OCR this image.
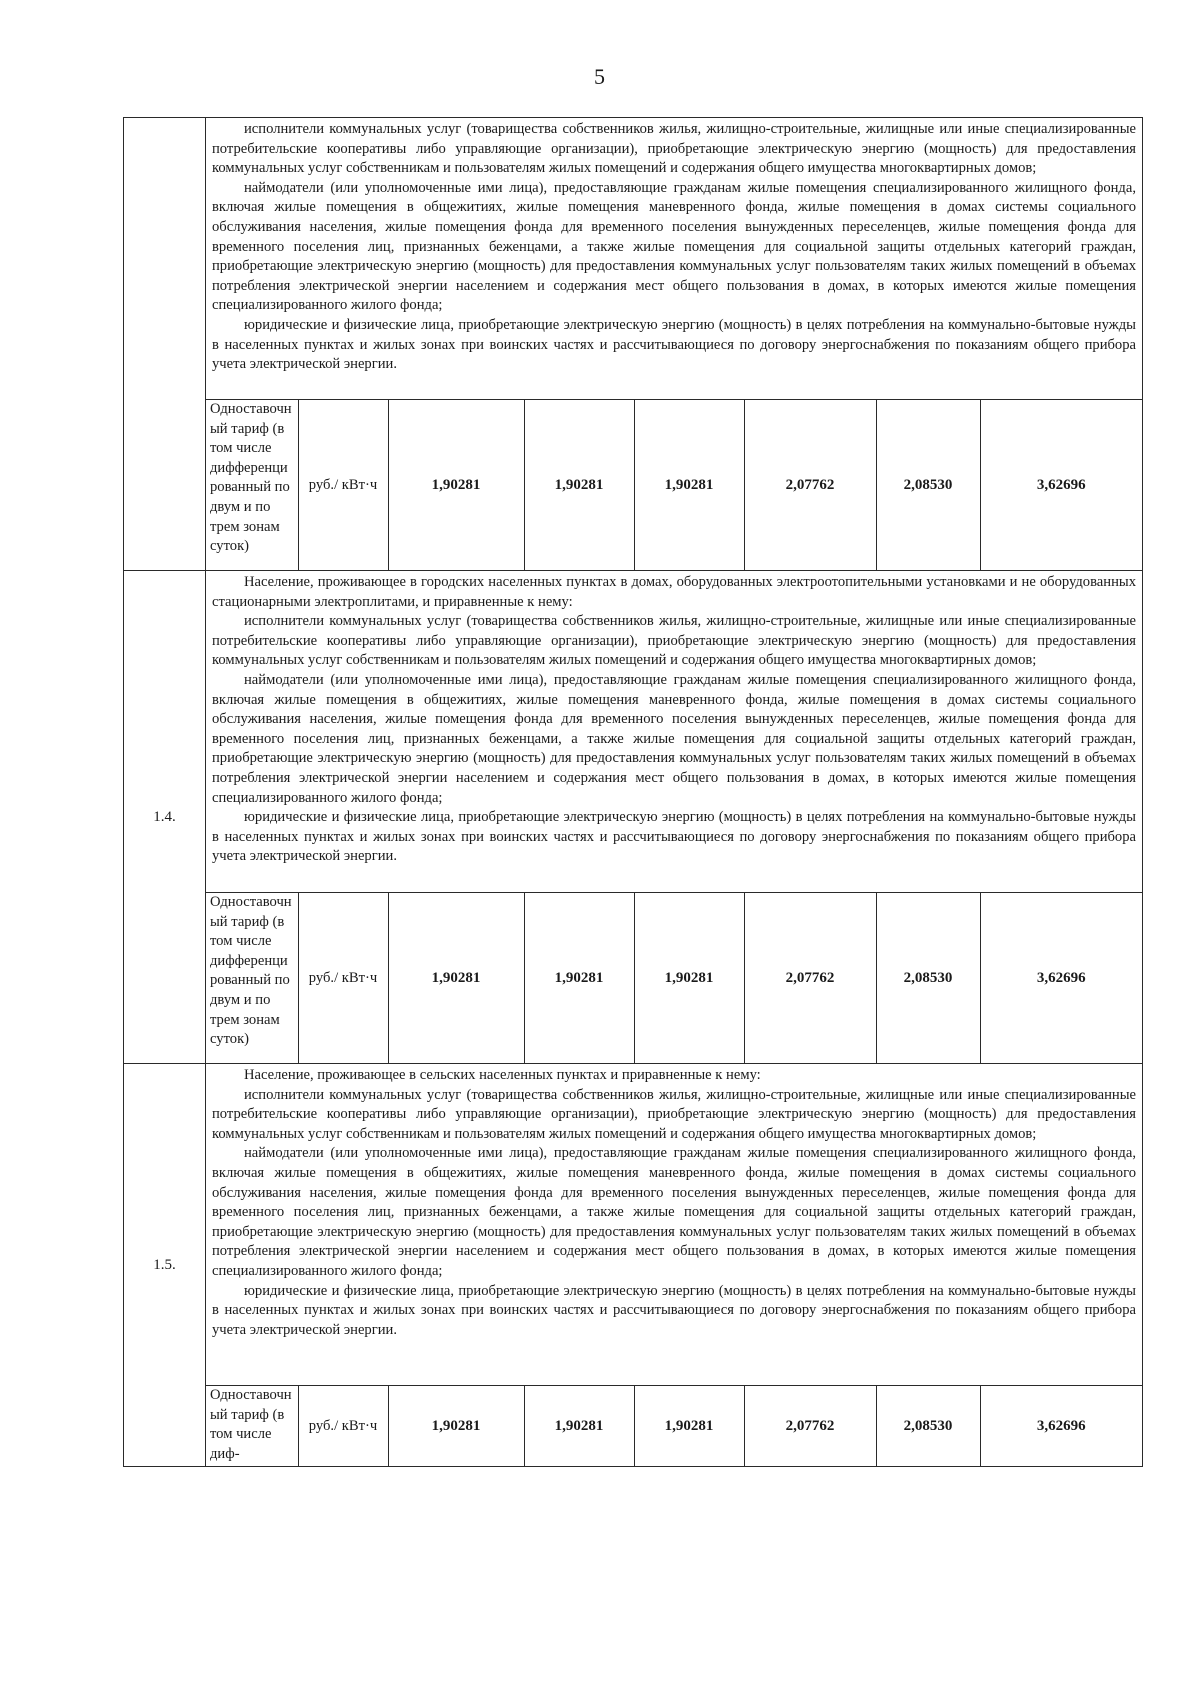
5

исполнители коммунальных услуг (товарищества собственников жилья, жилищно-строительные, жилищные или иные специализированные потребительские кооперативы либо управляющие организации), приобретающие электрическую энергию (мощность) для предоставления коммунальных услуг собственникам и пользователям жилых помещений и содержания общего имущества многоквартирных домов;

наймодатели (или уполномоченные ими лица), предоставляющие гражданам жилые помещения специализированного жилищного фонда, включая жилые помещения в общежитиях, жилые помещения маневренного фонда, жилые помещения в домах системы социального обслуживания населения, жилые помещения фонда для временного поселения вынужденных переселенцев, жилые помещения фонда для временного поселения лиц, признанных беженцами, а также жилые помещения для социальной защиты отдельных категорий граждан, приобретающие электрическую энергию (мощность) для предоставления коммунальных услуг пользователям таких жилых помещений в объемах потребления электрической энергии населением и содержания мест общего пользования в домах, в которых имеются жилые помещения специализированного жилого фонда;

юридические и физические лица, приобретающие электрическую энергию (мощность) в целях потребления на коммунально-бытовые нужды в населенных пунктах и жилых зонах при воинских частях и рассчитывающиеся по договору энергоснабжения по показаниям общего прибора учета электрической энергии.

Одноставочный тариф (в том числе дифференцированный по двум и по трем зонам суток)	руб./ кВт·ч	1,90281	1,90281	1,90281	2,07762	2,08530	3,62696

1.4.	

Население, проживающее в городских населенных пунктах в домах, оборудованных электроотопительными установками и не оборудованных стационарными электроплитами, и приравненные к нему:

исполнители коммунальных услуг (товарищества собственников жилья, жилищно-строительные, жилищные или иные специализированные потребительские кооперативы либо управляющие организации), приобретающие электрическую энергию (мощность) для предоставления коммунальных услуг собственникам и пользователям жилых помещений и содержания общего имущества многоквартирных домов;

наймодатели (или уполномоченные ими лица), предоставляющие гражданам жилые помещения специализированного жилищного фонда, включая жилые помещения в общежитиях, жилые помещения маневренного фонда, жилые помещения в домах системы социального обслуживания населения, жилые помещения фонда для временного поселения вынужденных переселенцев, жилые помещения фонда для временного поселения лиц, признанных беженцами, а также жилые помещения для социальной защиты отдельных категорий граждан, приобретающие электрическую энергию (мощность) для предоставления коммунальных услуг пользователям таких жилых помещений в объемах потребления электрической энергии населением и содержания мест общего пользования в домах, в которых имеются жилые помещения специализированного жилого фонда;

юридические и физические лица, приобретающие электрическую энергию (мощность) в целях потребления на коммунально-бытовые нужды в населенных пунктах и жилых зонах при воинских частях и рассчитывающиеся по договору энергоснабжения по показаниям общего прибора учета электрической энергии.

Одноставочный тариф (в том числе дифференцированный по двум и по трем зонам суток)	руб./ кВт·ч	1,90281	1,90281	1,90281	2,07762	2,08530	3,62696

1.5.	

Население, проживающее в сельских населенных пунктах и приравненные к нему:

исполнители коммунальных услуг (товарищества собственников жилья, жилищно-строительные, жилищные или иные специализированные потребительские кооперативы либо управляющие организации), приобретающие электрическую энергию (мощность) для предоставления коммунальных услуг собственникам и пользователям жилых помещений и содержания общего имущества многоквартирных домов;

наймодатели (или уполномоченные ими лица), предоставляющие гражданам жилые помещения специализированного жилищного фонда, включая жилые помещения в общежитиях, жилые помещения маневренного фонда, жилые помещения в домах системы социального обслуживания населения, жилые помещения фонда для временного поселения вынужденных переселенцев, жилые помещения фонда для временного поселения лиц, признанных беженцами, а также жилые помещения для социальной защиты отдельных категорий граждан, приобретающие электрическую энергию (мощность) для предоставления коммунальных услуг пользователям таких жилых помещений в объемах потребления электрической энергии населением и содержания мест общего пользования в домах, в которых имеются жилые помещения специализированного жилого фонда;

юридические и физические лица, приобретающие электрическую энергию (мощность) в целях потребления на коммунально-бытовые нужды в населенных пунктах и жилых зонах при воинских частях и рассчитывающиеся по договору энергоснабжения по показаниям общего прибора учета электрической энергии.

Одноставочный тариф (в том числе диф-	руб./ кВт·ч	1,90281	1,90281	1,90281	2,07762	2,08530	3,62696
